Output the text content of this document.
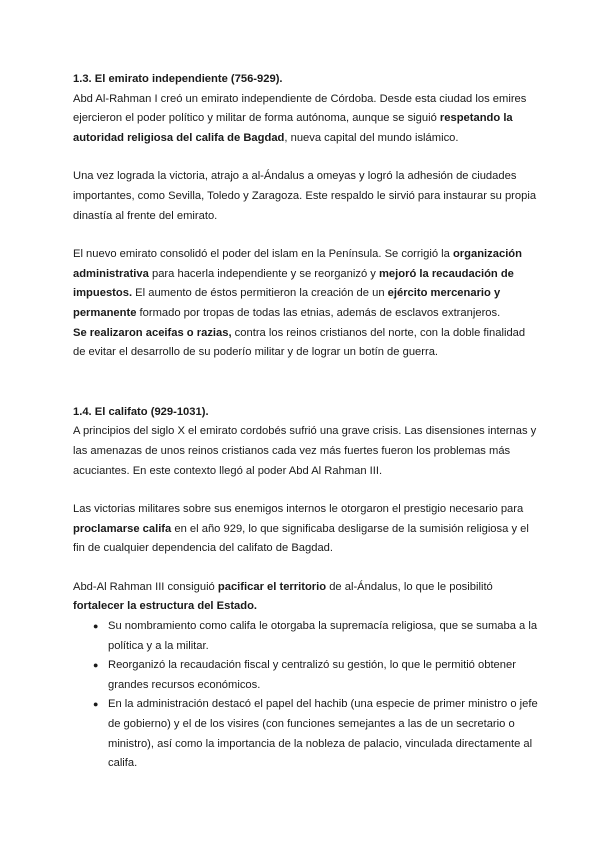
1.3. El emirato independiente (756-929).

Abd Al-Rahman I creó un emirato independiente de Córdoba. Desde esta ciudad los emires ejercieron el poder político y militar de forma autónoma, aunque se siguió respetando la autoridad religiosa del califa de Bagdad, nueva capital del mundo islámico.

Una vez lograda la victoria, atrajo a al-Ándalus a omeyas y logró la adhesión de ciudades importantes, como Sevilla, Toledo y Zaragoza. Este respaldo le sirvió para instaurar su propia dinastía al frente del emirato.

El nuevo emirato consolidó el poder del islam en la Península. Se corrigió la organización administrativa para hacerla independiente y se reorganizó y mejoró la recaudación de impuestos. El aumento de éstos permitieron la creación de un ejército mercenario y permanente formado por tropas de todas las etnias, además de esclavos extranjeros.

Se realizaron aceifas o razias, contra los reinos cristianos del norte, con la doble finalidad de evitar el desarrollo de su poderío militar y de lograr un botín de guerra.

1.4. El califato (929-1031).

A principios del siglo X el emirato cordobés sufrió una grave crisis. Las disensiones internas y las amenazas de unos reinos cristianos cada vez más fuertes fueron los problemas más acuciantes. En este contexto llegó al poder Abd Al Rahman III.

Las victorias militares sobre sus enemigos internos le otorgaron el prestigio necesario para proclamarse califa en el año 929, lo que significaba desligarse de la sumisión religiosa y el fin de cualquier dependencia del califato de Bagdad.

Abd-Al Rahman III consiguió pacificar el territorio de al-Ándalus, lo que le posibilitó fortalecer la estructura del Estado.

● Su nombramiento como califa le otorgaba la supremacía religiosa, que se sumaba a la política y a la militar.
● Reorganizó la recaudación fiscal y centralizó su gestión, lo que le permitió obtener grandes recursos económicos.
● En la administración destacó el papel del hachib (una especie de primer ministro o jefe de gobierno) y el de los visires (con funciones semejantes a las de un secretario o ministro), así como la importancia de la nobleza de palacio, vinculada directamente al califa.
